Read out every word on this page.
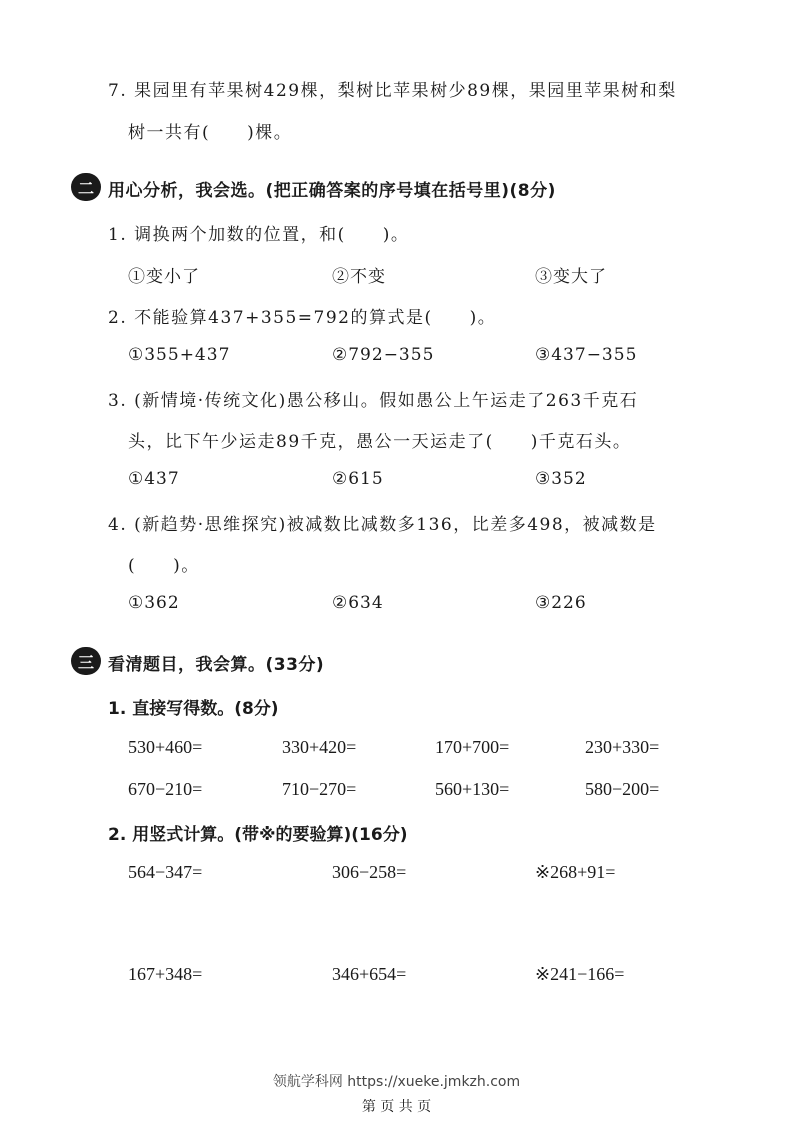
7. 果园里有苹果树429棵，梨树比苹果树少89棵，果园里苹果树和梨
树一共有(　　)棵。
二 用心分析，我会选。(把正确答案的序号填在括号里)(8分)
1. 调换两个加数的位置，和(　　)。
①变小了	②不变	③变大了
2. 不能验算437+355=792的算式是(　　)。
①355+437	②792−355	③437−355
3. (新情境·传统文化)愚公移山。假如愚公上午运走了263千克石
头，比下午少运走89千克，愚公一天运走了(　　)千克石头。
①437	②615	③352
4. (新趋势·思维探究)被减数比减数多136，比差多498，被减数是
(　　)。
①362	②634	③226
三 看清题目，我会算。(33分)
1. 直接写得数。(8分)
530+460=	330+420=	170+700=	230+330=
670−210=	710−270=	560+130=	580−200=
2. 用竖式计算。(带※的要验算)(16分)
564−347=	306−258=	※268+91=
167+348=	346+654=	※241−166=
领航学科网 https://xueke.jmkzh.com
第 页 共 页
